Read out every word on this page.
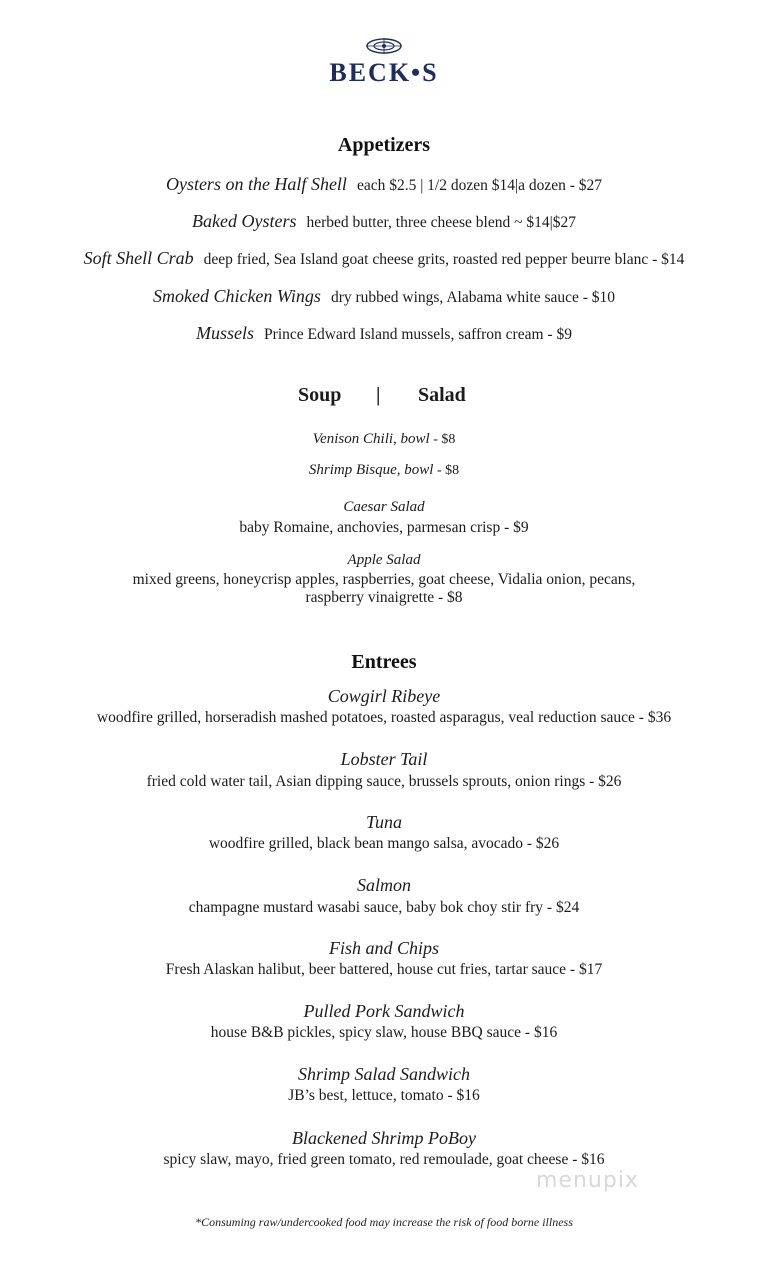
BECK•S
Appetizers
Oysters on the Half Shell each $2.5 | 1/2 dozen $14|a dozen - $27
Baked Oysters herbed butter, three cheese blend ~ $14|$27
Soft Shell Crab deep fried, Sea Island goat cheese grits, roasted red pepper beurre blanc - $14
Smoked Chicken Wings dry rubbed wings, Alabama white sauce - $10
Mussels Prince Edward Island mussels, saffron cream - $9
Soup | Salad
Venison Chili, bowl - $8
Shrimp Bisque, bowl - $8
Caesar Salad
baby Romaine, anchovies, parmesan crisp - $9
Apple Salad
mixed greens, honeycrisp apples, raspberries, goat cheese, Vidalia onion, pecans,
raspberry vinaigrette - $8
Entrees
Cowgirl Ribeye
woodfire grilled, horseradish mashed potatoes, roasted asparagus, veal reduction sauce - $36
Lobster Tail
fried cold water tail, Asian dipping sauce, brussels sprouts, onion rings - $26
Tuna
woodfire grilled, black bean mango salsa, avocado - $26
Salmon
champagne mustard wasabi sauce, baby bok choy stir fry - $24
Fish and Chips
Fresh Alaskan halibut, beer battered, house cut fries, tartar sauce - $17
Pulled Pork Sandwich
house B&B pickles, spicy slaw, house BBQ sauce - $16
Shrimp Salad Sandwich
JB’s best, lettuce, tomato - $16
Blackened Shrimp PoBoy
spicy slaw, mayo, fried green tomato, red remoulade, goat cheese - $16
menupix
*Consuming raw/undercooked food may increase the risk of food borne illness
